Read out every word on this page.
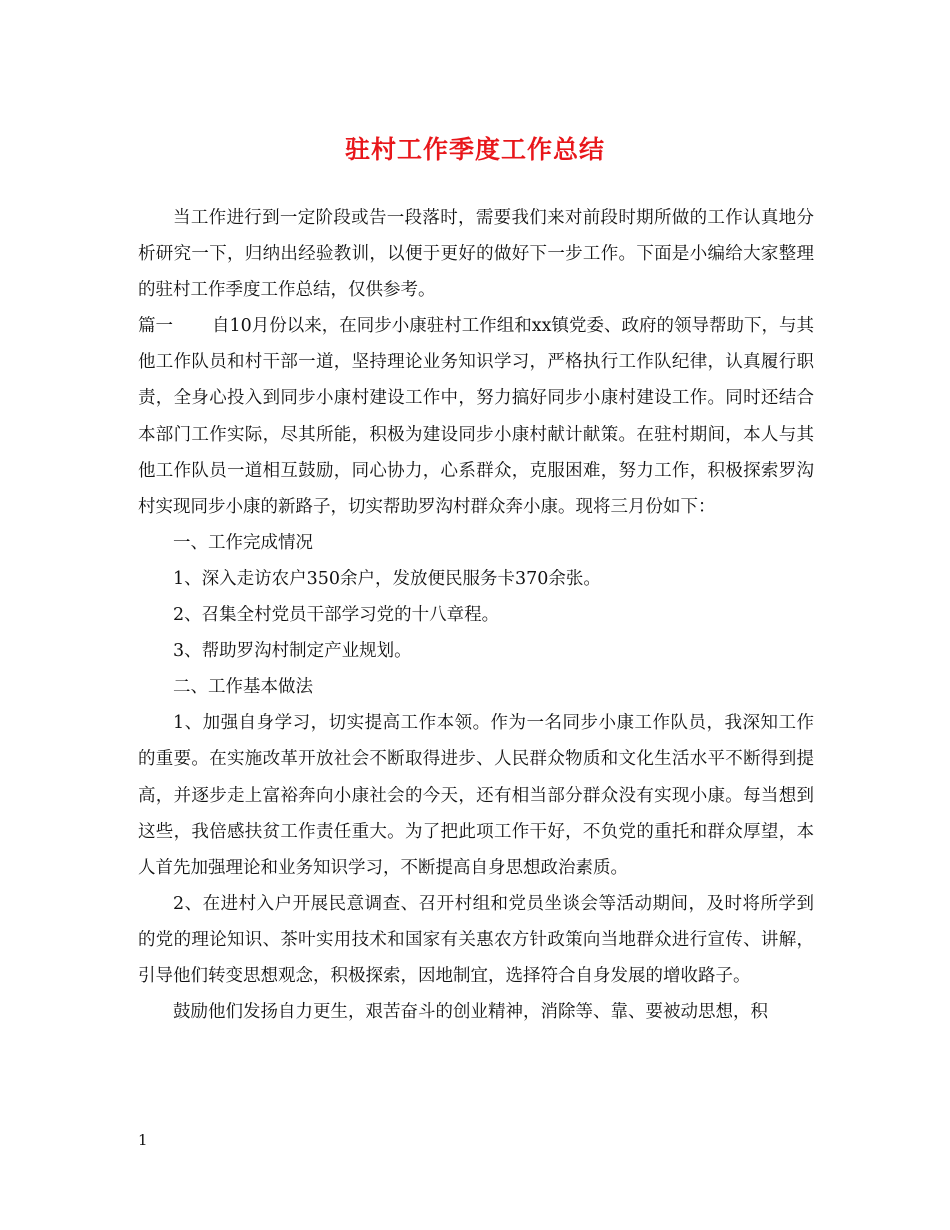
驻村工作季度工作总结

当工作进行到一定阶段或告一段落时，需要我们来对前段时期所做的工作认真地分析研究一下，归纳出经验教训，以便于更好的做好下一步工作。下面是小编给大家整理的驻村工作季度工作总结，仅供参考。

篇一 自10月份以来，在同步小康驻村工作组和xx镇党委、政府的领导帮助下，与其他工作队员和村干部一道，坚持理论业务知识学习，严格执行工作队纪律，认真履行职责，全身心投入到同步小康村建设工作中，努力搞好同步小康村建设工作。同时还结合本部门工作实际，尽其所能，积极为建设同步小康村献计献策。在驻村期间，本人与其他工作队员一道相互鼓励，同心协力，心系群众，克服困难，努力工作，积极探索罗沟村实现同步小康的新路子，切实帮助罗沟村群众奔小康。现将三月份如下：

一、工作完成情况

1、深入走访农户350余户，发放便民服务卡370余张。

2、召集全村党员干部学习党的十八章程。

3、帮助罗沟村制定产业规划。

二、工作基本做法

1、加强自身学习，切实提高工作本领。作为一名同步小康工作队员，我深知工作的重要。在实施改革开放社会不断取得进步、人民群众物质和文化生活水平不断得到提高，并逐步走上富裕奔向小康社会的今天，还有相当部分群众没有实现小康。每当想到这些，我倍感扶贫工作责任重大。为了把此项工作干好，不负党的重托和群众厚望，本人首先加强理论和业务知识学习，不断提高自身思想政治素质。

2、在进村入户开展民意调查、召开村组和党员坐谈会等活动期间，及时将所学到的党的理论知识、茶叶实用技术和国家有关惠农方针政策向当地群众进行宣传、讲解，引导他们转变思想观念，积极探索，因地制宜，选择符合自身发展的增收路子。

鼓励他们发扬自力更生，艰苦奋斗的创业精神，消除等、靠、要被动思想，积

1
